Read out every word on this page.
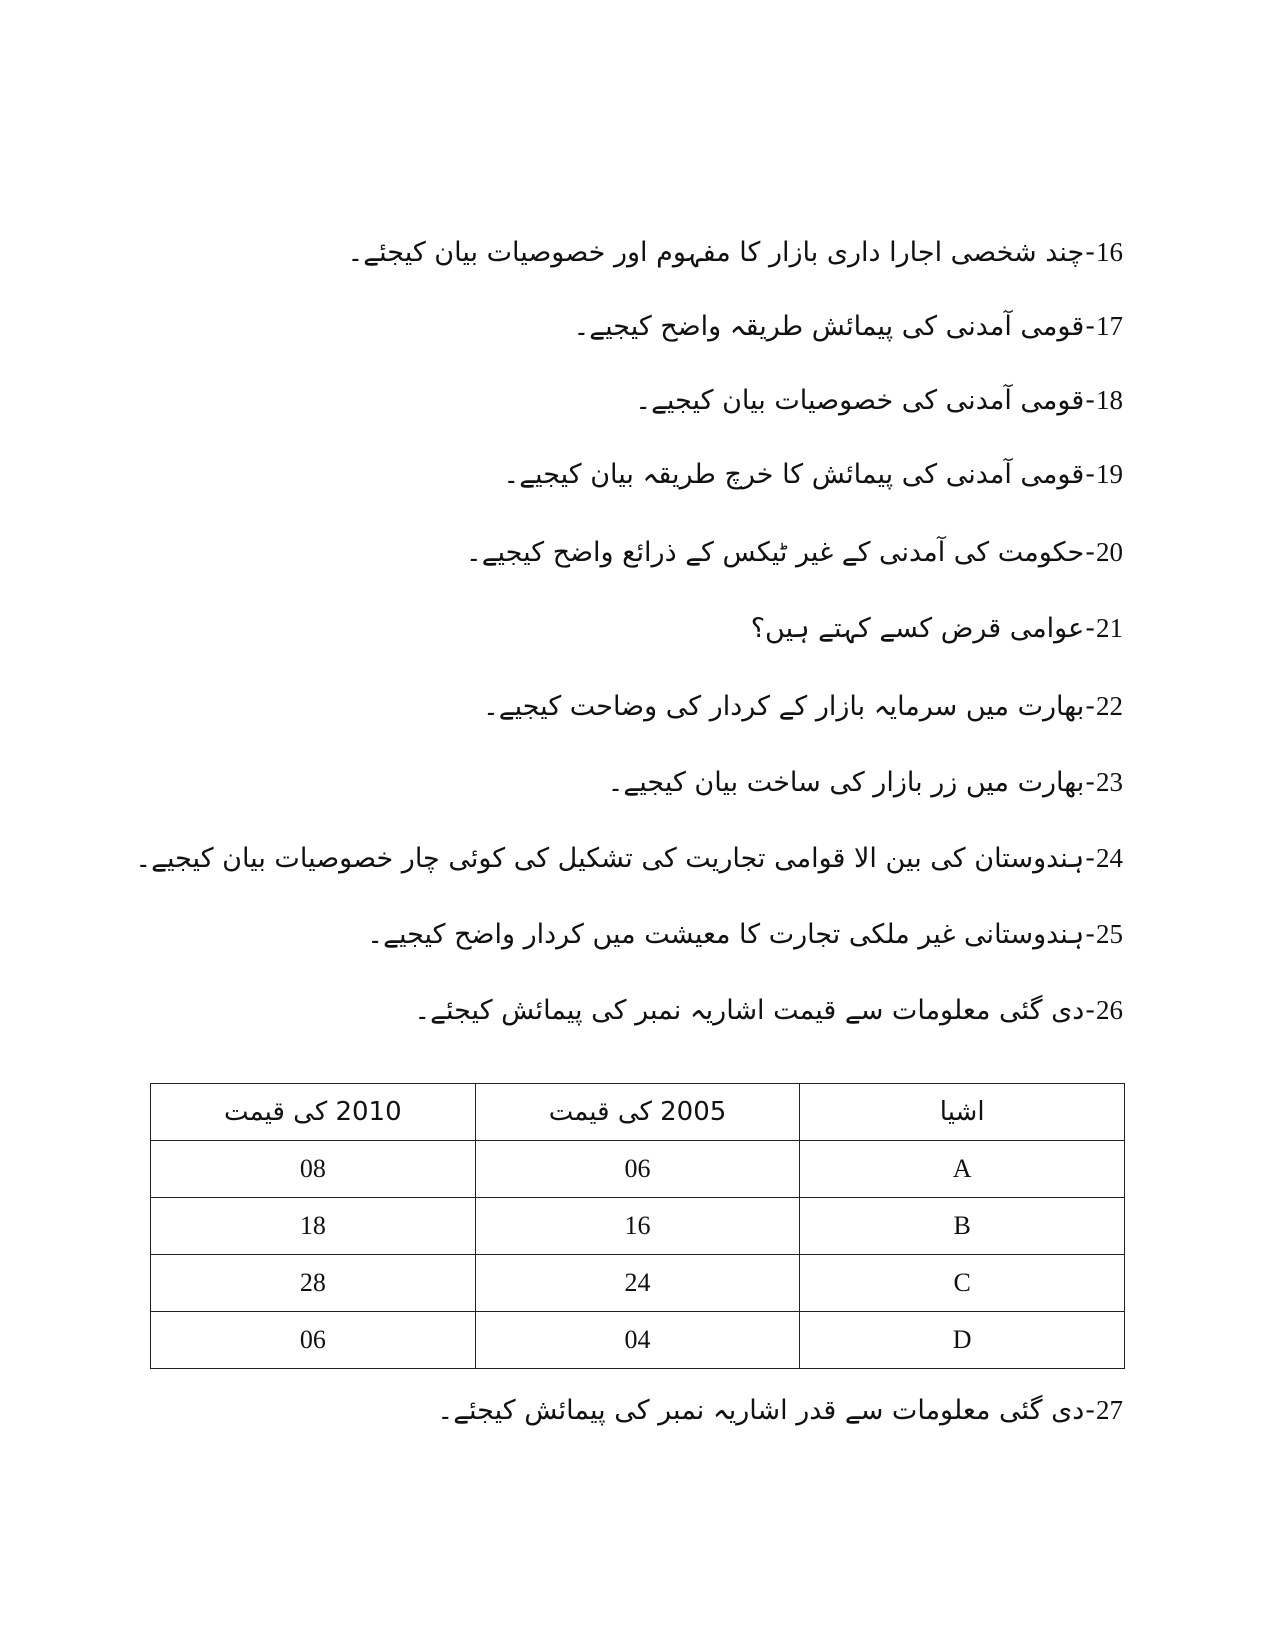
16-چند شخصی اجارا داری بازار کا مفہوم اور خصوصیات بیان کیجئے۔
17-قومی آمدنی کی پیمائش طریقہ واضح کیجیے۔
18-قومی آمدنی کی خصوصیات بیان کیجیے۔
19-قومی آمدنی کی پیمائش کا خرچ طریقہ بیان کیجیے۔
20-حکومت کی آمدنی کے غیر ٹیکس کے ذرائع واضح کیجیے۔
21-عوامی قرض کسے کہتے ہیں؟
22-بھارت میں سرمایہ بازار کے کردار کی وضاحت کیجیے۔
23-بھارت میں زر بازار کی ساخت بیان کیجیے۔
24-ہندوستان کی بین الا قوامی تجاریت کی تشکیل کی کوئی چار خصوصیات بیان کیجیے۔
25-ہندوستانی غیر ملکی تجارت کا معیشت میں کردار واضح کیجیے۔
26-دی گئی معلومات سے قیمت اشاریہ نمبر کی پیمائش کیجئے۔
اشیا	2005 کی قیمت	2010 کی قیمت
A	06	08
B	16	18
C	24	28
D	04	06
27-دی گئی معلومات سے قدر اشاریہ نمبر کی پیمائش کیجئے۔
